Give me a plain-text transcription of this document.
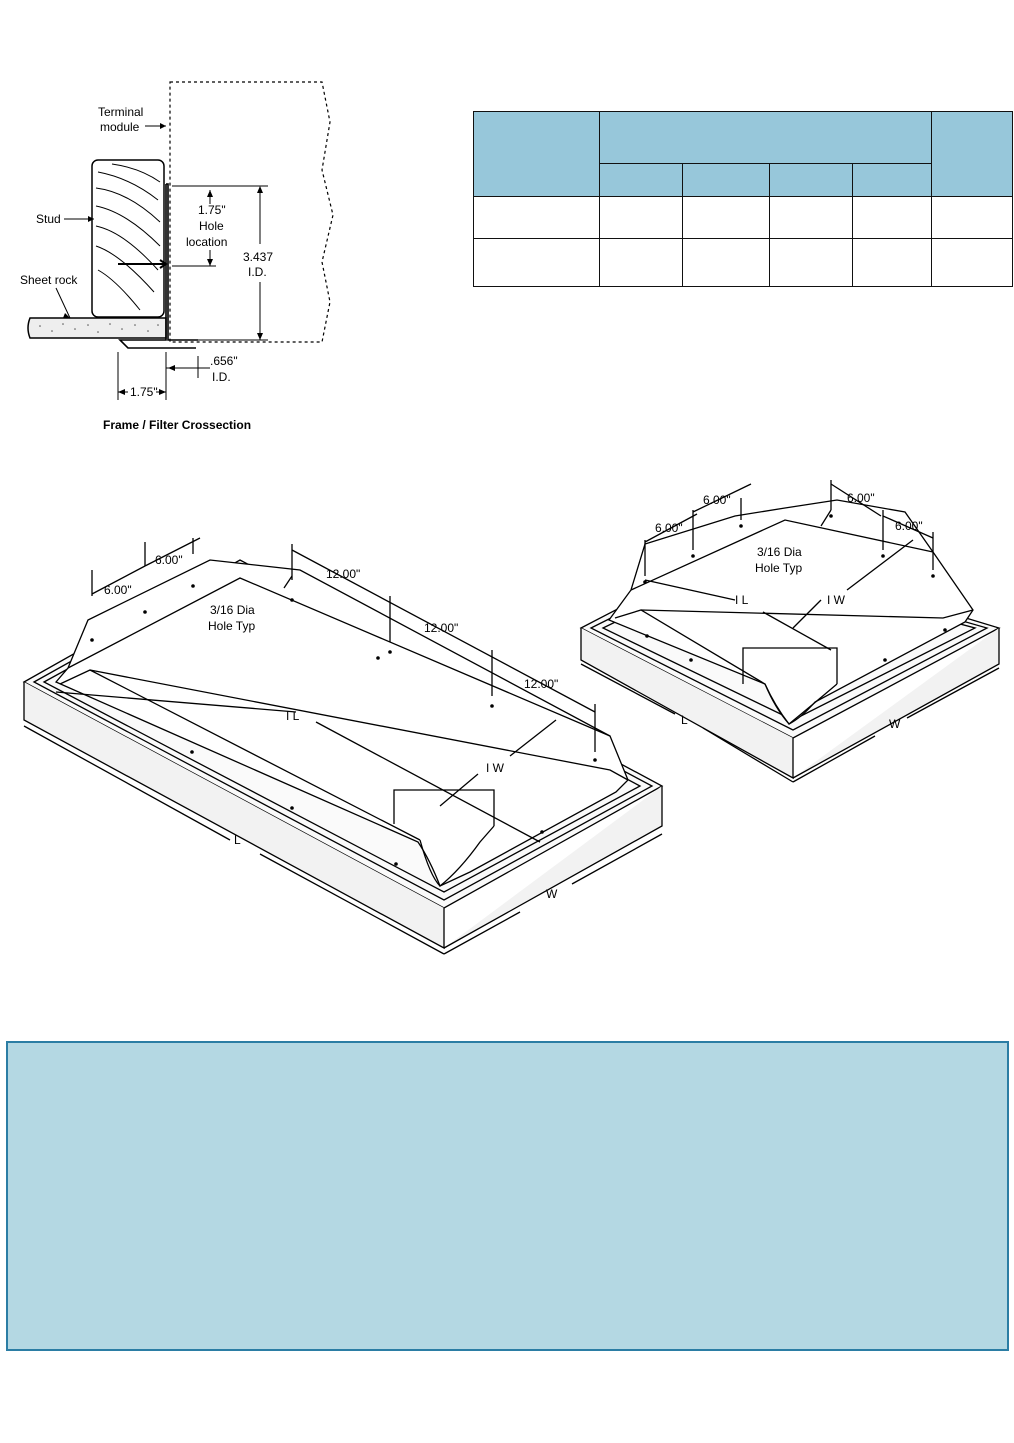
Terminal
module
Stud
Sheet rock
1.75"
Hole
location
3.437
I.D.
.656"
I.D.
1.75"
Frame / Filter Crossection

6.00"
6.00"
12.00"
12.00"
12.00"
3/16 Dia
Hole Typ
I L
I W
L
W
6.00"
6.00"	6.00"
6.00"
3/16 Dia
Hole Typ
I L	I W
L	W
